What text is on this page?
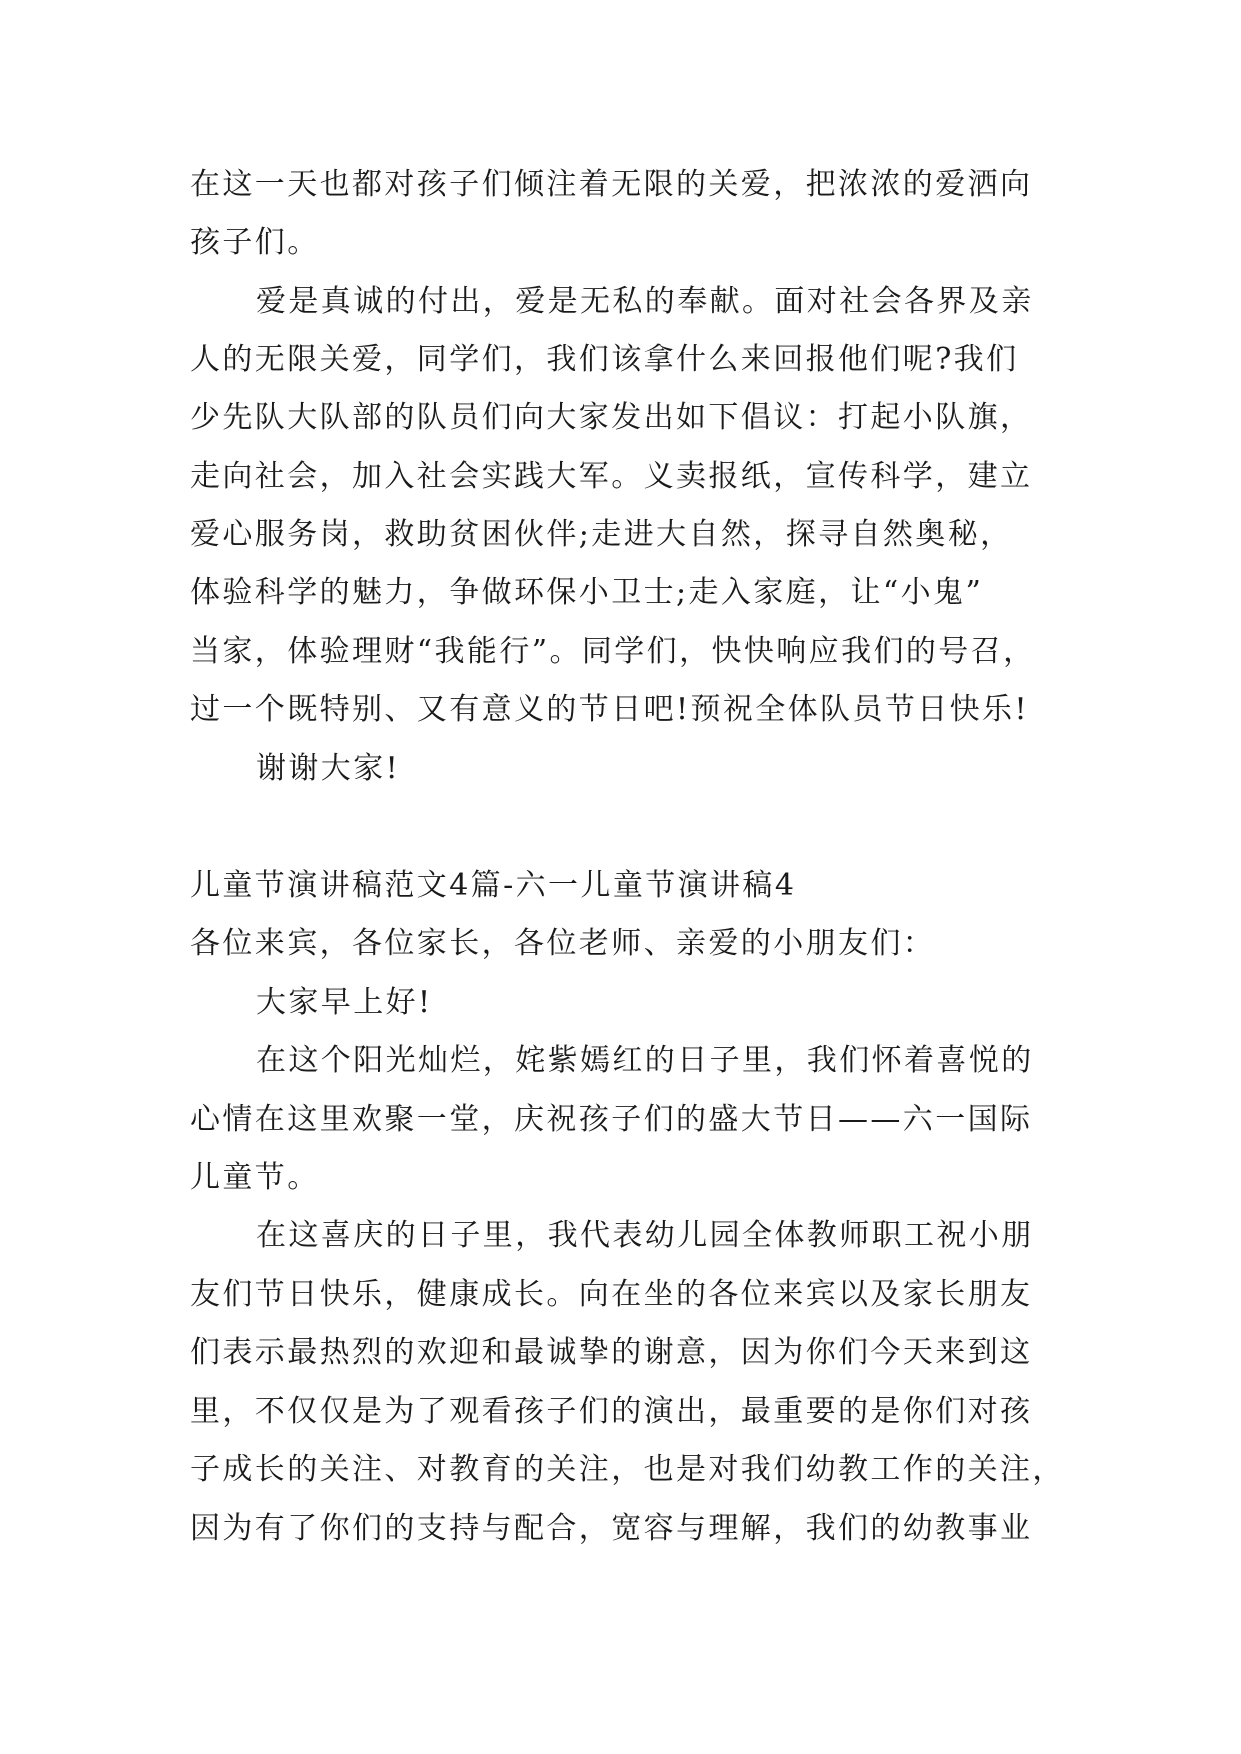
在这一天也都对孩子们倾注着无限的关爱，把浓浓的爱洒向
孩子们。
爱是真诚的付出，爱是无私的奉献。面对社会各界及亲
人的无限关爱，同学们，我们该拿什么来回报他们呢?我们
少先队大队部的队员们向大家发出如下倡议：打起小队旗，
走向社会，加入社会实践大军。义卖报纸，宣传科学，建立
爱心服务岗，救助贫困伙伴;走进大自然，探寻自然奥秘，
体验科学的魅力，争做环保小卫士;走入家庭，让“小鬼”
当家，体验理财“我能行”。同学们，快快响应我们的号召，
过一个既特别、又有意义的节日吧!预祝全体队员节日快乐!
谢谢大家!
儿童节演讲稿范文4篇-六一儿童节演讲稿4
各位来宾，各位家长，各位老师、亲爱的小朋友们：
大家早上好!
在这个阳光灿烂，姹紫嫣红的日子里，我们怀着喜悦的
心情在这里欢聚一堂，庆祝孩子们的盛大节日——六一国际
儿童节。
在这喜庆的日子里，我代表幼儿园全体教师职工祝小朋
友们节日快乐，健康成长。向在坐的各位来宾以及家长朋友
们表示最热烈的欢迎和最诚挚的谢意，因为你们今天来到这
里，不仅仅是为了观看孩子们的演出，最重要的是你们对孩
子成长的关注、对教育的关注，也是对我们幼教工作的关注，
因为有了你们的支持与配合，宽容与理解，我们的幼教事业
